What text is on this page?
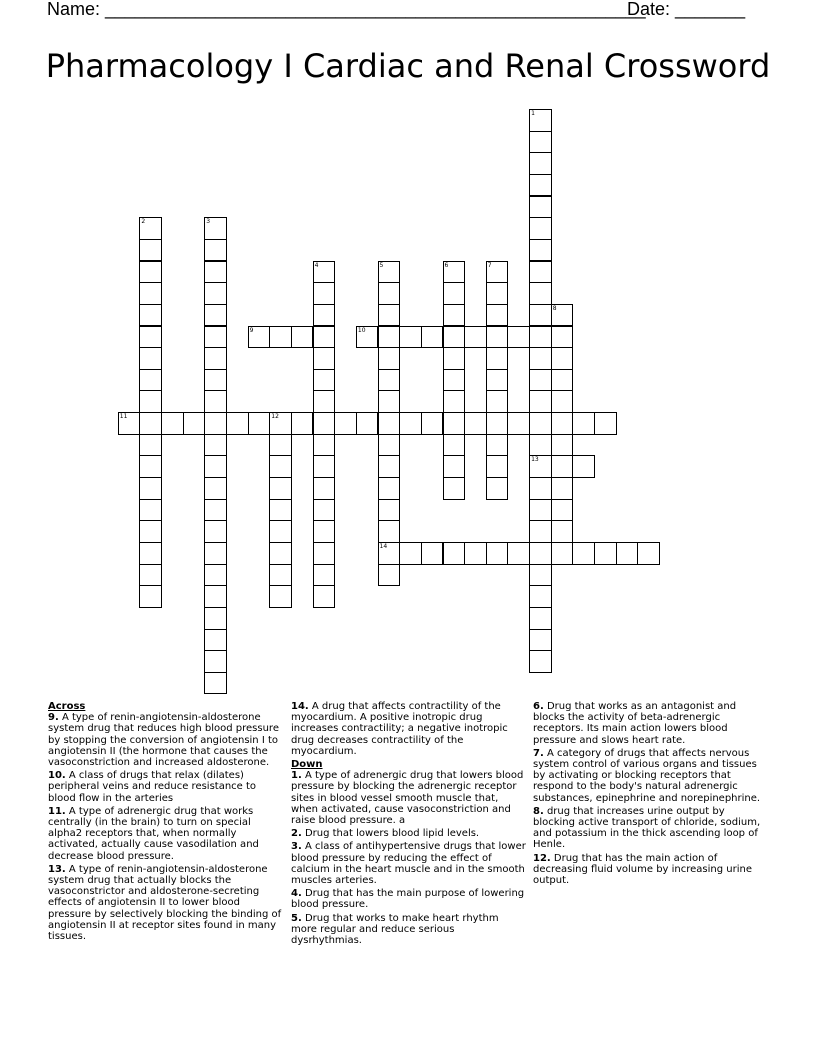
Name: ______________________________________________________
Date: _______
Pharmacology I Cardiac and Renal Crossword
1
13
2	3
4	5
14
6	7
8
9	10
11	12

Across

9. A type of renin-angiotensin-aldosterone system drug that reduces high blood pressure by stopping the conversion of angiotensin I to angiotensin II (the hormone that causes the vasoconstriction and increased aldosterone.

10. A class of drugs that relax (dilates) peripheral veins and reduce resistance to blood flow in the arteries

11. A type of adrenergic drug that works centrally (in the brain) to turn on special alpha2 receptors that, when normally activated, actually cause vasodilation and decrease blood pressure.

13. A type of renin-angiotensin-aldosterone system drug that actually blocks the vasoconstrictor and aldosterone-secreting effects of angiotensin II to lower blood pressure by selectively blocking the binding of angiotensin II at receptor sites found in many tissues.

14. A drug that affects contractility of the myocardium. A positive inotropic drug increases contractility; a negative inotropic drug decreases contractility of the myocardium.

Down

1. A type of adrenergic drug that lowers blood pressure by blocking the adrenergic receptor sites in blood vessel smooth muscle that, when activated, cause vasoconstriction and raise blood pressure. a

2. Drug that lowers blood lipid levels.

3. A class of antihypertensive drugs that lower blood pressure by reducing the effect of calcium in the heart muscle and in the smooth muscles arteries.

4. Drug that has the main purpose of lowering blood pressure.

5. Drug that works to make heart rhythm more regular and reduce serious dysrhythmias.

6. Drug that works as an antagonist and blocks the activity of beta-adrenergic receptors. Its main action lowers blood pressure and slows heart rate.

7. A category of drugs that affects nervous system control of various organs and tissues by activating or blocking receptors that respond to the body's natural adrenergic substances, epinephrine and norepinephrine.

8. drug that increases urine output by blocking active transport of chloride, sodium, and potassium in the thick ascending loop of Henle.

12. Drug that has the main action of decreasing fluid volume by increasing urine output.
